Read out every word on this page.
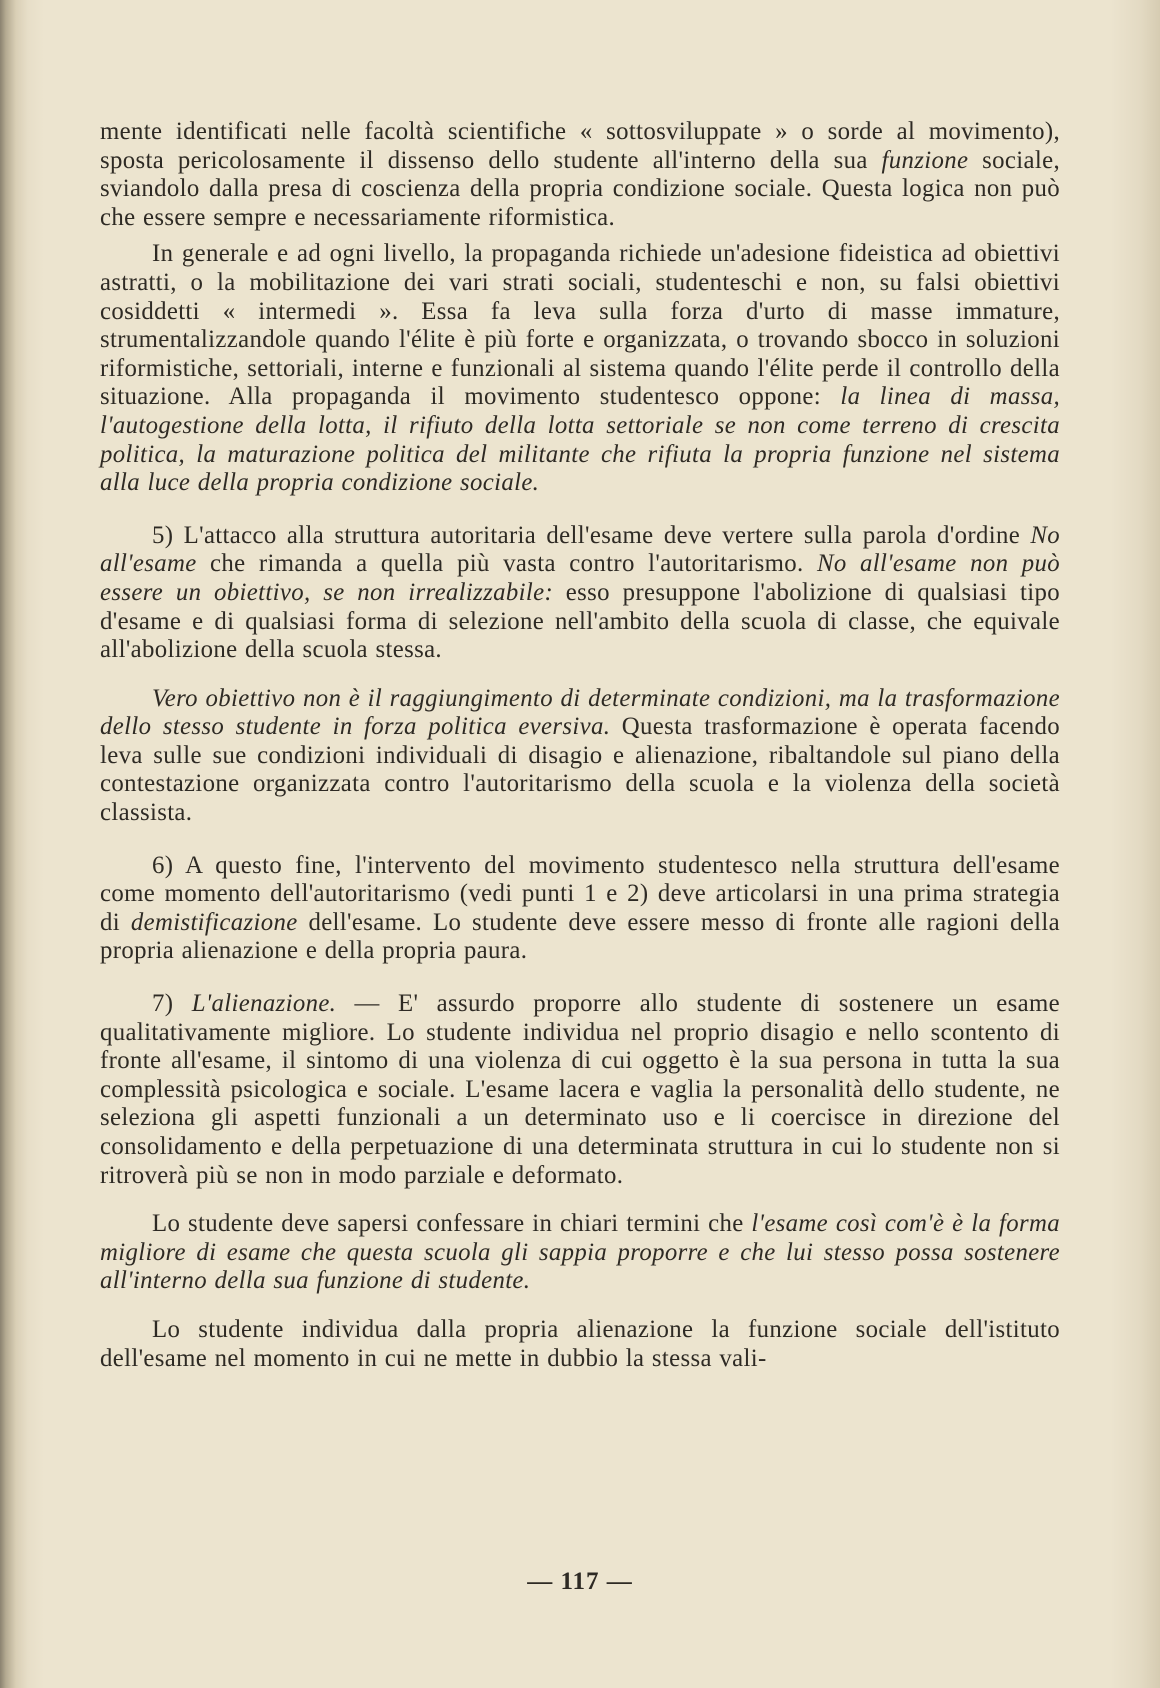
mente identificati nelle facoltà scientifiche « sottosviluppate » o sorde al movimento), sposta pericolosamente il dissenso dello studente all'interno della sua funzione sociale, sviandolo dalla presa di coscienza della propria condizione sociale. Questa logica non può che essere sempre e necessariamente riformistica.

In generale e ad ogni livello, la propaganda richiede un'adesione fideistica ad obiettivi astratti, o la mobilitazione dei vari strati sociali, studenteschi e non, su falsi obiettivi cosiddetti « intermedi ». Essa fa leva sulla forza d'urto di masse immature, strumentalizzandole quando l'élite è più forte e organizzata, o trovando sbocco in soluzioni riformistiche, settoriali, interne e funzionali al sistema quando l'élite perde il controllo della situazione. Alla propaganda il movimento studentesco oppone: la linea di massa, l'autogestione della lotta, il rifiuto della lotta settoriale se non come terreno di crescita politica, la maturazione politica del militante che rifiuta la propria funzione nel sistema alla luce della propria condizione sociale.

5) L'attacco alla struttura autoritaria dell'esame deve vertere sulla parola d'ordine No all'esame che rimanda a quella più vasta contro l'autoritarismo. No all'esame non può essere un obiettivo, se non irrealizzabile: esso presuppone l'abolizione di qualsiasi tipo d'esame e di qualsiasi forma di selezione nell'ambito della scuola di classe, che equivale all'abolizione della scuola stessa.

Vero obiettivo non è il raggiungimento di determinate condizioni, ma la trasformazione dello stesso studente in forza politica eversiva. Questa trasformazione è operata facendo leva sulle sue condizioni individuali di disagio e alienazione, ribaltandole sul piano della contestazione organizzata contro l'autoritarismo della scuola e la violenza della società classista.

6) A questo fine, l'intervento del movimento studentesco nella struttura dell'esame come momento dell'autoritarismo (vedi punti 1 e 2) deve articolarsi in una prima strategia di demistificazione dell'esame. Lo studente deve essere messo di fronte alle ragioni della propria alienazione e della propria paura.

7) L'alienazione. — E' assurdo proporre allo studente di sostenere un esame qualitativamente migliore. Lo studente individua nel proprio disagio e nello scontento di fronte all'esame, il sintomo di una violenza di cui oggetto è la sua persona in tutta la sua complessità psicologica e sociale. L'esame lacera e vaglia la personalità dello studente, ne seleziona gli aspetti funzionali a un determinato uso e li coercisce in direzione del consolidamento e della perpetuazione di una determinata struttura in cui lo studente non si ritroverà più se non in modo parziale e deformato.

Lo studente deve sapersi confessare in chiari termini che l'esame così com'è è la forma migliore di esame che questa scuola gli sappia proporre e che lui stesso possa sostenere all'interno della sua funzione di studente.

Lo studente individua dalla propria alienazione la funzione sociale dell'istituto dell'esame nel momento in cui ne mette in dubbio la stessa vali-

— 117 —
